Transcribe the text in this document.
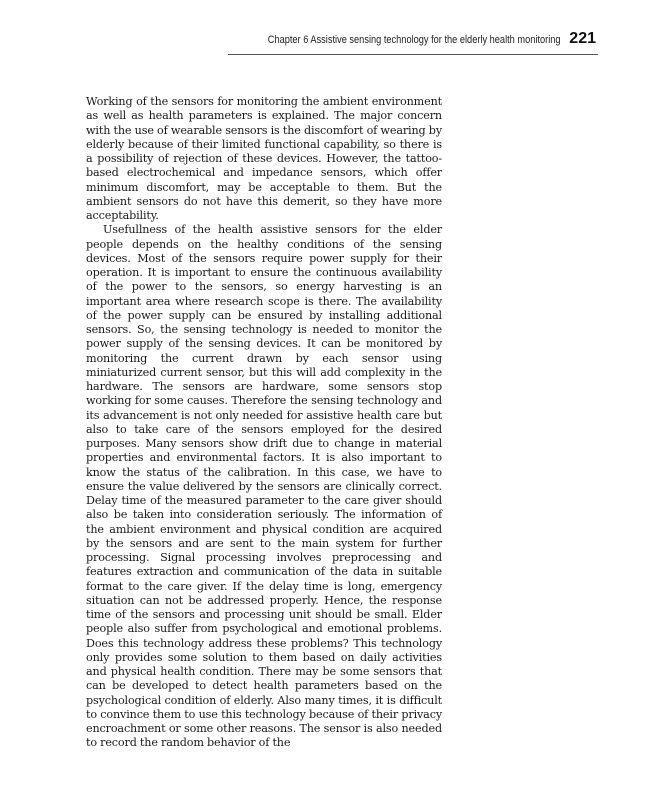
Chapter 6 Assistive sensing technology for the elderly health monitoring 221

Working of the sensors for monitoring the ambient environment as well as health parameters is explained. The major concern with the use of wearable sensors is the discomfort of wearing by elderly because of their limited functional capability, so there is a possibility of rejection of these devices. However, the tattoo-based electrochemical and impedance sensors, which offer minimum discomfort, may be acceptable to them. But the ambient sensors do not have this demerit, so they have more acceptability.

Usefullness of the health assistive sensors for the elder people depends on the healthy conditions of the sensing devices. Most of the sensors require power supply for their operation. It is important to ensure the continuous availability of the power to the sensors, so energy harvesting is an important area where research scope is there. The availability of the power supply can be ensured by installing additional sensors. So, the sensing technology is needed to monitor the power supply of the sensing devices. It can be monitored by monitoring the current drawn by each sensor using miniaturized current sensor, but this will add complexity in the hardware. The sensors are hardware, some sensors stop working for some causes. Therefore the sensing technology and its advancement is not only needed for assistive health care but also to take care of the sensors employed for the desired purposes. Many sensors show drift due to change in material properties and environmental factors. It is also important to know the status of the calibration. In this case, we have to ensure the value delivered by the sensors are clinically correct. Delay time of the measured parameter to the care giver should also be taken into consideration seriously. The information of the ambient environment and physical condition are acquired by the sensors and are sent to the main system for further processing. Signal processing involves preprocessing and features extraction and communication of the data in suitable format to the care giver. If the delay time is long, emergency situation can not be addressed properly. Hence, the response time of the sensors and processing unit should be small. Elder people also suffer from psychological and emotional problems. Does this technology address these problems? This technology only provides some solution to them based on daily activities and physical health condition. There may be some sensors that can be developed to detect health parameters based on the psychological condition of elderly. Also many times, it is difficult to convince them to use this technology because of their privacy encroachment or some other reasons. The sensor is also needed to record the random behavior of the
